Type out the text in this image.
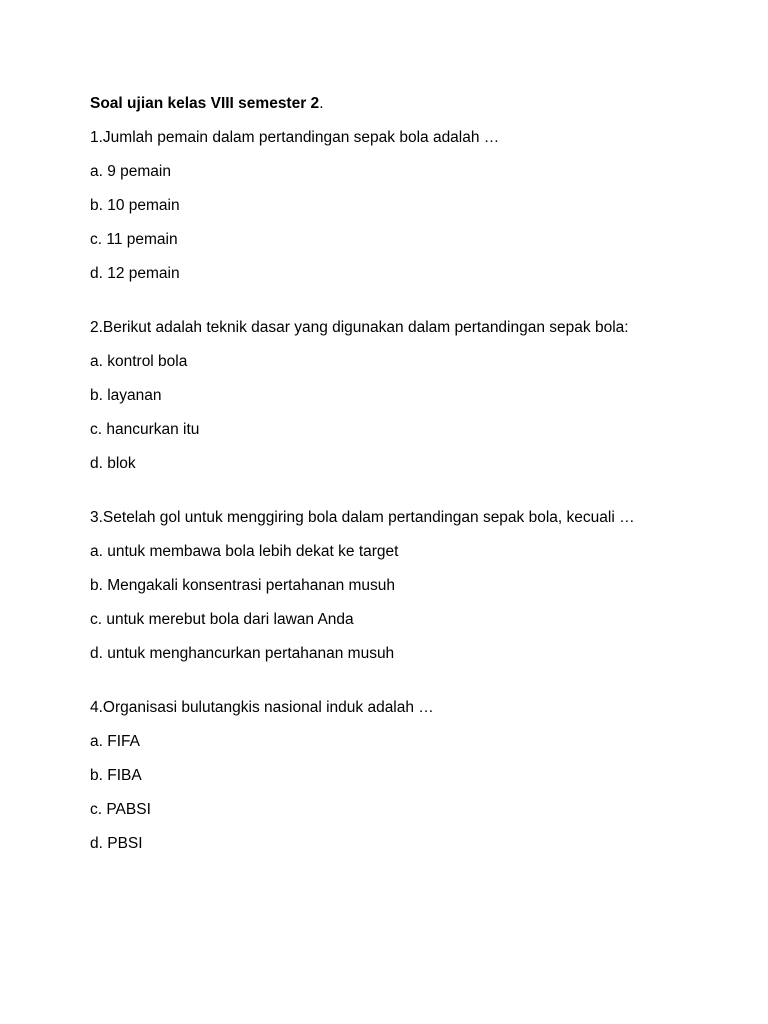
Soal ujian kelas VIII semester 2.
1.Jumlah pemain dalam pertandingan sepak bola adalah …
a. 9 pemain
b. 10 pemain
c. 11 pemain
d. 12 pemain
2.Berikut adalah teknik dasar yang digunakan dalam pertandingan sepak bola:
a. kontrol bola
b. layanan
c. hancurkan itu
d. blok
3.Setelah gol untuk menggiring bola dalam pertandingan sepak bola, kecuali …
a. untuk membawa bola lebih dekat ke target
b. Mengakali konsentrasi pertahanan musuh
c. untuk merebut bola dari lawan Anda
d. untuk menghancurkan pertahanan musuh
4.Organisasi bulutangkis nasional induk adalah …
a. FIFA
b. FIBA
c. PABSI
d. PBSI
